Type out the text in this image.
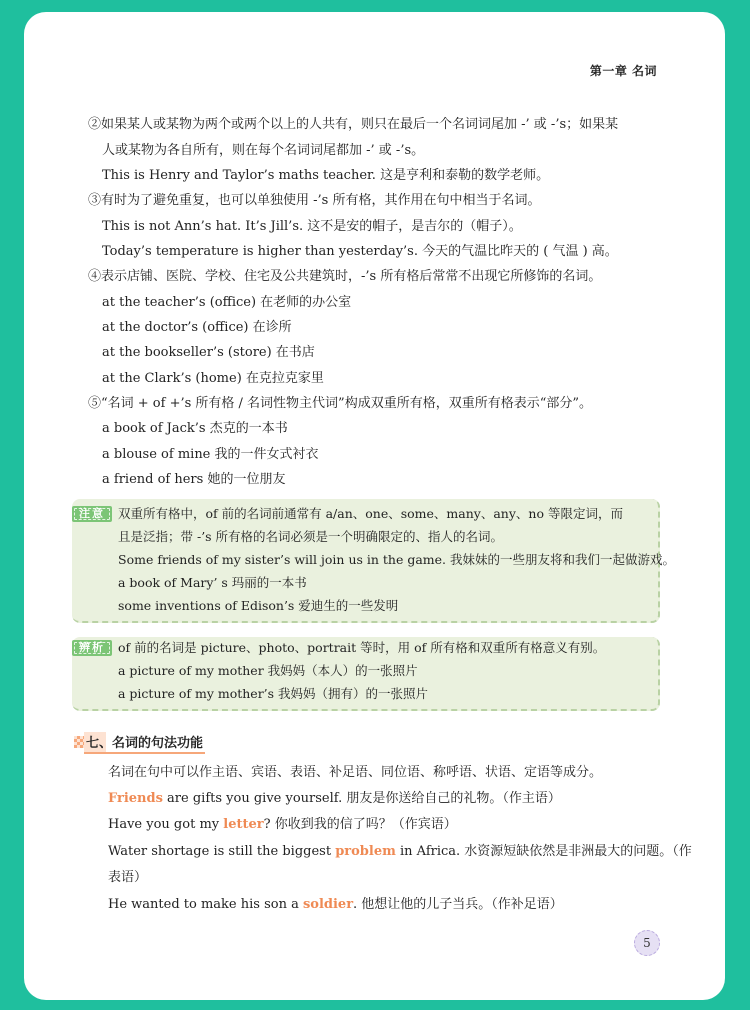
第一章 名词
②如果某人或某物为两个或两个以上的人共有，则只在最后一个名词词尾加 -’ 或 -’s；如果某
人或某物为各自所有，则在每个名词词尾都加 -’ 或 -’s。
This is Henry and Taylor’s maths teacher. 这是亨利和泰勒的数学老师。
③有时为了避免重复，也可以单独使用 -’s 所有格，其作用在句中相当于名词。
This is not Ann’s hat. It’s Jill’s. 这不是安的帽子，是吉尔的（帽子）。
Today’s temperature is higher than yesterday’s. 今天的气温比昨天的 ( 气温 ) 高。
④表示店铺、医院、学校、住宅及公共建筑时，-’s 所有格后常常不出现它所修饰的名词。
at the teacher’s (office) 在老师的办公室
at the doctor’s (office) 在诊所
at the bookseller’s (store) 在书店
at the Clark’s (home) 在克拉克家里
⑤“名词 + of +’s 所有格 / 名词性物主代词”构成双重所有格，双重所有格表示“部分”。
a book of Jack’s 杰克的一本书
a blouse of mine 我的一件女式衬衣
a friend of hers 她的一位朋友
注意	双重所有格中，of 前的名词前通常有 a/an、one、some、many、any、no 等限定词，而
且是泛指；带 -’s 所有格的名词必须是一个明确限定的、指人的名词。
Some friends of my sister’s will join us in the game. 我妹妹的一些朋友将和我们一起做游戏。
a book of Mary’ s 玛丽的一本书
some inventions of Edison’s 爱迪生的一些发明
辨析	of 前的名词是 picture、photo、portrait 等时，用 of 所有格和双重所有格意义有别。
a picture of my mother 我妈妈（本人）的一张照片
a picture of my mother’s 我妈妈（拥有）的一张照片
七、名词的句法功能
名词在句中可以作主语、宾语、表语、补足语、同位语、称呼语、状语、定语等成分。
Friends are gifts you give yourself. 朋友是你送给自己的礼物。（作主语）
Have you got my letter? 你收到我的信了吗？（作宾语）
Water shortage is still the biggest problem in Africa. 水资源短缺依然是非洲最大的问题。（作
表语）
He wanted to make his son a soldier. 他想让他的儿子当兵。（作补足语）
5
